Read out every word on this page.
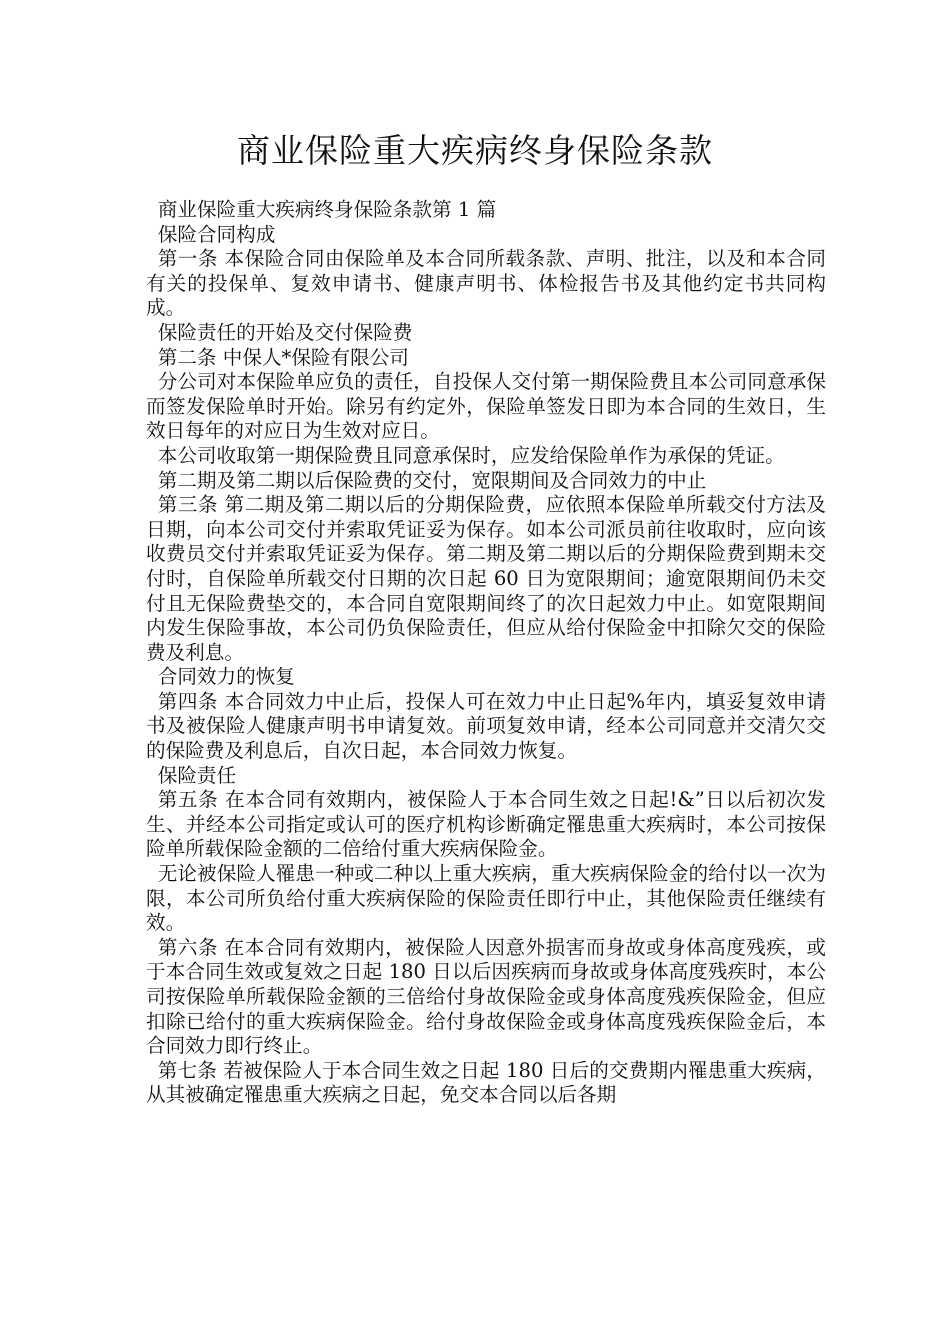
商业保险重大疾病终身保险条款

商业保险重大疾病终身保险条款第 1 篇

保险合同构成

第一条 本保险合同由保险单及本合同所载条款、声明、批注，以及和本合同有关的投保单、复效申请书、健康声明书、体检报告书及其他约定书共同构成。

保险责任的开始及交付保险费

第二条 中保人*保险有限公司

分公司对本保险单应负的责任，自投保人交付第一期保险费且本公司同意承保而签发保险单时开始。除另有约定外，保险单签发日即为本合同的生效日，生效日每年的对应日为生效对应日。

本公司收取第一期保险费且同意承保时，应发给保险单作为承保的凭证。

第二期及第二期以后保险费的交付，宽限期间及合同效力的中止

第三条 第二期及第二期以后的分期保险费，应依照本保险单所载交付方法及日期，向本公司交付并索取凭证妥为保存。如本公司派员前往收取时，应向该收费员交付并索取凭证妥为保存。第二期及第二期以后的分期保险费到期未交付时，自保险单所载交付日期的次日起 60 日为宽限期间；逾宽限期间仍未交付且无保险费垫交的，本合同自宽限期间终了的次日起效力中止。如宽限期间内发生保险事故，本公司仍负保险责任，但应从给付保险金中扣除欠交的保险费及利息。

合同效力的恢复

第四条 本合同效力中止后，投保人可在效力中止日起%年内，填妥复效申请书及被保险人健康声明书申请复效。前项复效申请，经本公司同意并交清欠交的保险费及利息后，自次日起，本合同效力恢复。

保险责任

第五条 在本合同有效期内，被保险人于本合同生效之日起!&”日以后初次发生、并经本公司指定或认可的医疗机构诊断确定罹患重大疾病时，本公司按保险单所载保险金额的二倍给付重大疾病保险金。

无论被保险人罹患一种或二种以上重大疾病，重大疾病保险金的给付以一次为限，本公司所负给付重大疾病保险的保险责任即行中止，其他保险责任继续有效。

第六条 在本合同有效期内，被保险人因意外损害而身故或身体高度残疾，或于本合同生效或复效之日起 180 日以后因疾病而身故或身体高度残疾时，本公司按保险单所载保险金额的三倍给付身故保险金或身体高度残疾保险金，但应扣除已给付的重大疾病保险金。给付身故保险金或身体高度残疾保险金后，本合同效力即行终止。

第七条 若被保险人于本合同生效之日起 180 日后的交费期内罹患重大疾病，从其被确定罹患重大疾病之日起，免交本合同以后各期
